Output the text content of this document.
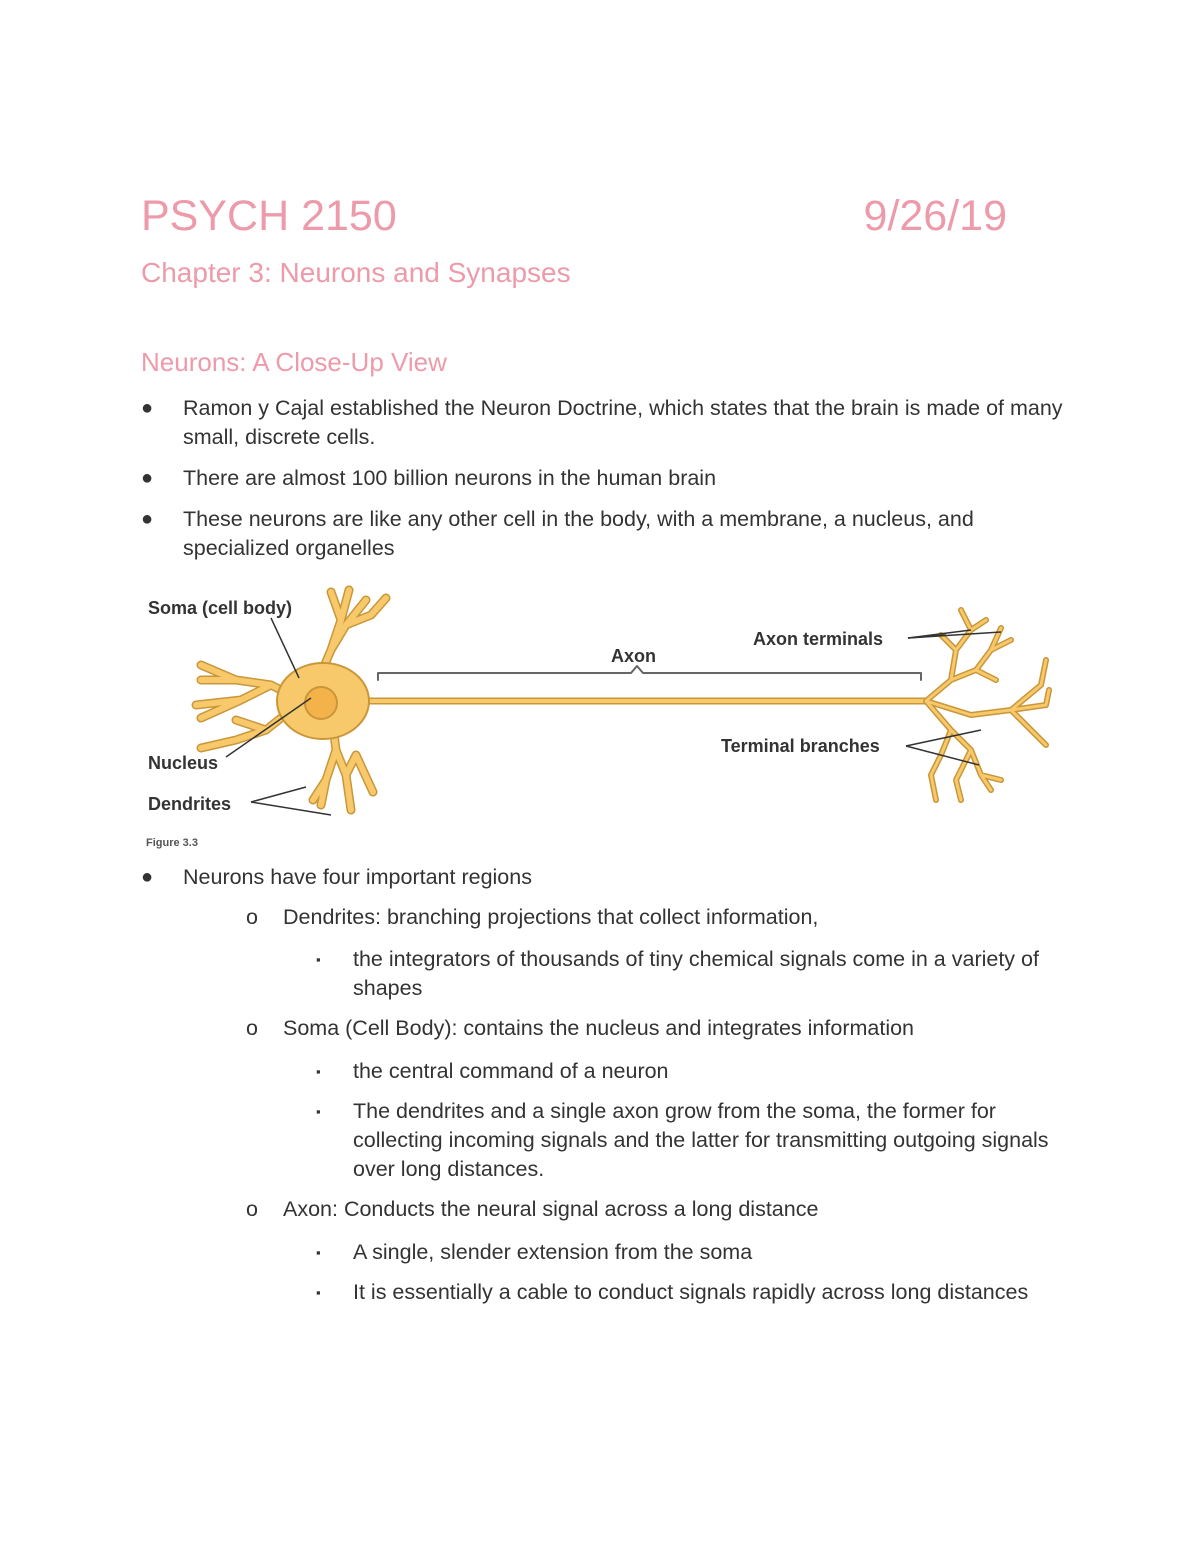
PSYCH 2150	9/26/19
Chapter 3: Neurons and Synapses
Neurons: A Close-Up View
● Ramon y Cajal established the Neuron Doctrine, which states that the brain is made of many small, discrete cells.
● There are almost 100 billion neurons in the human brain
● These neurons are like any other cell in the body, with a membrane, a nucleus, and specialized organelles
Soma (cell body)
Axon
Axon terminals
Nucleus
Terminal branches
Dendrites
Figure 3.3
● Neurons have four important regions
o Dendrites: branching projections that collect information,
▪ the integrators of thousands of tiny chemical signals come in a variety of shapes
o Soma (Cell Body): contains the nucleus and integrates information
▪ the central command of a neuron
▪ The dendrites and a single axon grow from the soma, the former for collecting incoming signals and the latter for transmitting outgoing signals over long distances.
o Axon: Conducts the neural signal across a long distance
▪ A single, slender extension from the soma
▪ It is essentially a cable to conduct signals rapidly across long distances
